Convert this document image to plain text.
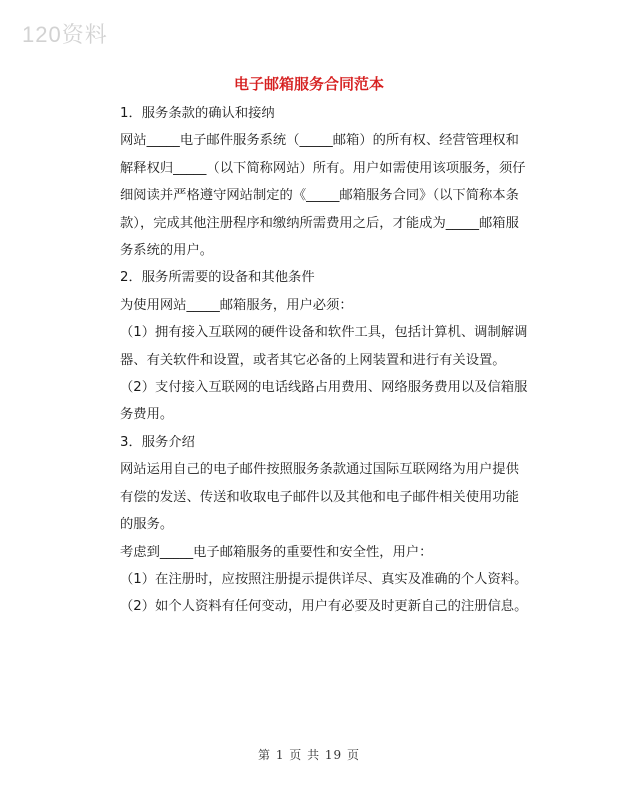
120资料
电子邮箱服务合同范本

1．服务条款的确认和接纳

网站_____电子邮件服务系统（_____邮箱）的所有权、经营管理权和解释权归_____（以下简称网站）所有。用户如需使用该项服务，须仔细阅读并严格遵守网站制定的《_____邮箱服务合同》（以下简称本条款），完成其他注册程序和缴纳所需费用之后，才能成为_____邮箱服务系统的用户。

2．服务所需要的设备和其他条件

为使用网站_____邮箱服务，用户必须：

（1）拥有接入互联网的硬件设备和软件工具，包括计算机、调制解调器、有关软件和设置，或者其它必备的上网装置和进行有关设置。

（2）支付接入互联网的电话线路占用费用、网络服务费用以及信箱服务费用。

3．服务介绍

网站运用自己的电子邮件按照服务条款通过国际互联网络为用户提供有偿的发送、传送和收取电子邮件以及其他和电子邮件相关使用功能的服务。

考虑到_____电子邮箱服务的重要性和安全性，用户：

（1）在注册时，应按照注册提示提供详尽、真实及准确的个人资料。

（2）如个人资料有任何变动，用户有必要及时更新自己的注册信息。

第 1 页 共 19 页
